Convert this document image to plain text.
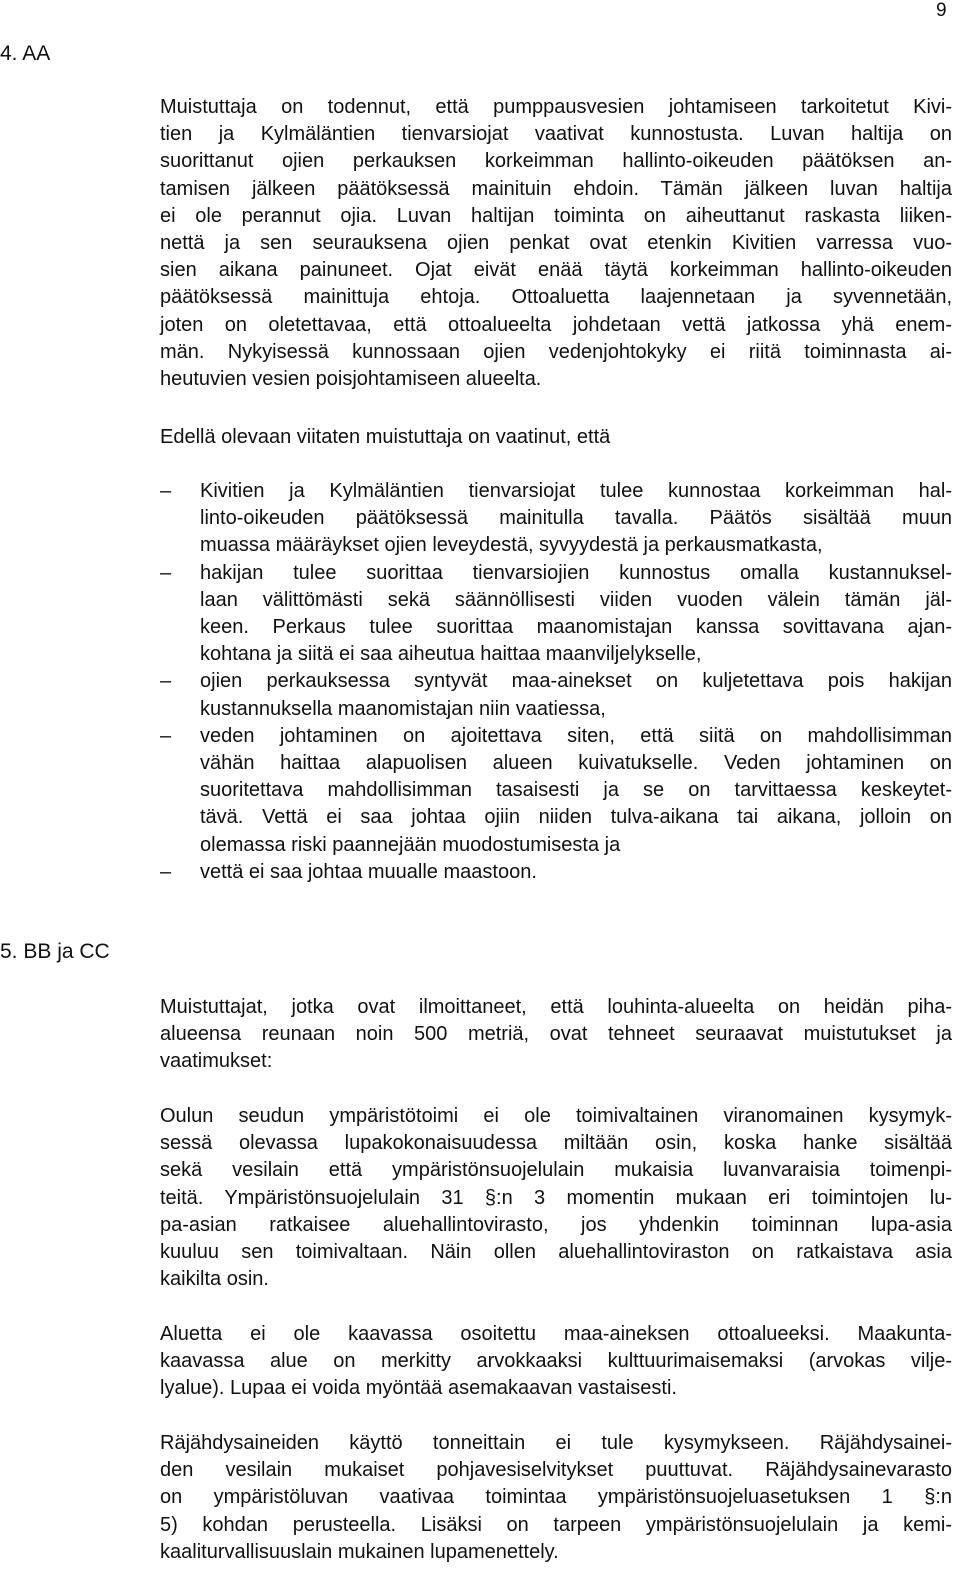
9
4. AA
Muistuttaja on todennut, että pumppausvesien johtamiseen tarkoitetut Kivi-
tien ja Kylmäläntien tienvarsiojat vaativat kunnostusta. Luvan haltija on
suorittanut ojien perkauksen korkeimman hallinto-oikeuden päätöksen an-
tamisen jälkeen päätöksessä mainituin ehdoin. Tämän jälkeen luvan haltija
ei ole perannut ojia. Luvan haltijan toiminta on aiheuttanut raskasta liiken-
nettä ja sen seurauksena ojien penkat ovat etenkin Kivitien varressa vuo-
sien aikana painuneet. Ojat eivät enää täytä korkeimman hallinto-oikeuden
päätöksessä mainittuja ehtoja. Ottoaluetta laajennetaan ja syvennetään,
joten on oletettavaa, että ottoalueelta johdetaan vettä jatkossa yhä enem-
män. Nykyisessä kunnossaan ojien vedenjohtokyky ei riitä toiminnasta ai-
heutuvien vesien poisjohtamiseen alueelta.
Edellä olevaan viitaten muistuttaja on vaatinut, että
– Kivitien ja Kylmäläntien tienvarsiojat tulee kunnostaa korkeimman hal-
linto-oikeuden päätöksessä mainitulla tavalla. Päätös sisältää muun
muassa määräykset ojien leveydestä, syvyydestä ja perkausmatkasta,
– hakijan tulee suorittaa tienvarsiojien kunnostus omalla kustannuksel-
laan välittömästi sekä säännöllisesti viiden vuoden välein tämän jäl-
keen. Perkaus tulee suorittaa maanomistajan kanssa sovittavana ajan-
kohtana ja siitä ei saa aiheutua haittaa maanviljelykselle,
– ojien perkauksessa syntyvät maa-ainekset on kuljetettava pois hakijan
kustannuksella maanomistajan niin vaatiessa,
– veden johtaminen on ajoitettava siten, että siitä on mahdollisimman
vähän haittaa alapuolisen alueen kuivatukselle. Veden johtaminen on
suoritettava mahdollisimman tasaisesti ja se on tarvittaessa keskeytet-
tävä. Vettä ei saa johtaa ojiin niiden tulva-aikana tai aikana, jolloin on
olemassa riski paannejään muodostumisesta ja
– vettä ei saa johtaa muualle maastoon.
5. BB ja CC
Muistuttajat, jotka ovat ilmoittaneet, että louhinta-alueelta on heidän piha-
alueensa reunaan noin 500 metriä, ovat tehneet seuraavat muistutukset ja
vaatimukset:
Oulun seudun ympäristötoimi ei ole toimivaltainen viranomainen kysymyk-
sessä olevassa lupakokonaisuudessa miltään osin, koska hanke sisältää
sekä vesilain että ympäristönsuojelulain mukaisia luvanvaraisia toimenpi-
teitä. Ympäristönsuojelulain 31 §:n 3 momentin mukaan eri toimintojen lu-
pa-asian ratkaisee aluehallintovirasto, jos yhdenkin toiminnan lupa-asia
kuuluu sen toimivaltaan. Näin ollen aluehallintoviraston on ratkaistava asia
kaikilta osin.
Aluetta ei ole kaavassa osoitettu maa-aineksen ottoalueeksi. Maakunta-
kaavassa alue on merkitty arvokkaaksi kulttuurimaisemaksi (arvokas vilje-
lyalue). Lupaa ei voida myöntää asemakaavan vastaisesti.
Räjähdysaineiden käyttö tonneittain ei tule kysymykseen. Räjähdysainei-
den vesilain mukaiset pohjavesiselvitykset puuttuvat. Räjähdysainevarasto
on ympäristöluvan vaativaa toimintaa ympäristönsuojeluasetuksen 1 §:n
5) kohdan perusteella. Lisäksi on tarpeen ympäristönsuojelulain ja kemi-
kaaliturvallisuuslain mukainen lupamenettely.
